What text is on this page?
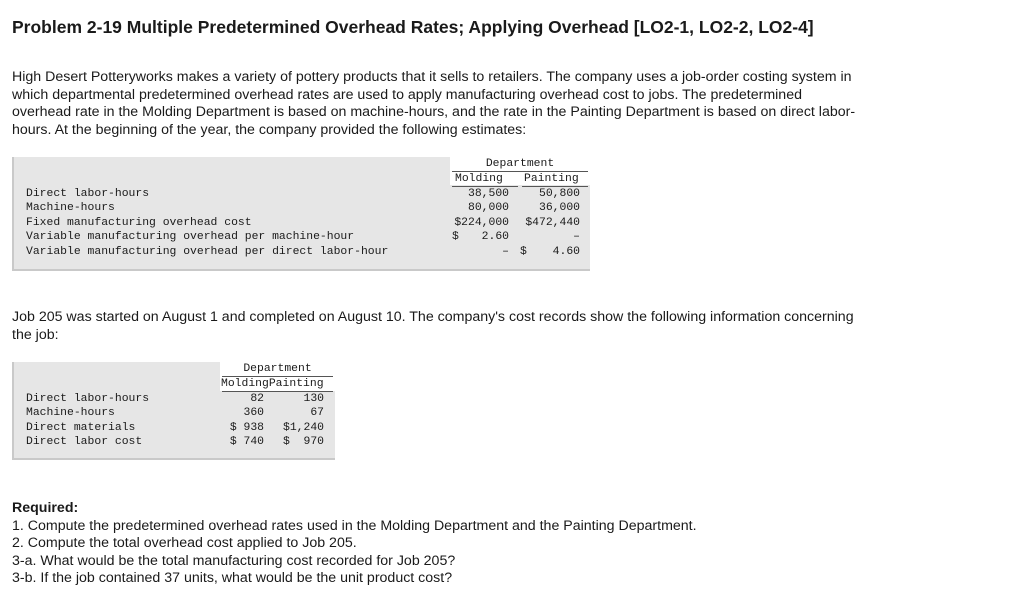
Problem 2-19 Multiple Predetermined Overhead Rates; Applying Overhead [LO2-1, LO2-2, LO2-4]
High Desert Potteryworks makes a variety of pottery products that it sells to retailers. The company uses a job-order costing system in
which departmental predetermined overhead rates are used to apply manufacturing overhead cost to jobs. The predetermined
overhead rate in the Molding Department is based on machine-hours, and the rate in the Painting Department is based on direct labor-
hours. At the beginning of the year, the company provided the following estimates:
Department
Molding Painting
Direct labor-hours	38,500	50,800
Machine-hours	80,000	36,000
Fixed manufacturing overhead cost	$224,000	$472,440
Variable manufacturing overhead per machine-hour	$	2.60	–
Variable manufacturing overhead per direct labor-hour	– $	4.60
Job 205 was started on August 1 and completed on August 10. The company's cost records show the following information concerning
the job:
Department
MoldingPainting
Direct labor-hours	82	130
Machine-hours	360	67
Direct materials	$ 938	$1,240
Direct labor cost	$ 740	$  970
Required:
1. Compute the predetermined overhead rates used in the Molding Department and the Painting Department.
2. Compute the total overhead cost applied to Job 205.
3-a. What would be the total manufacturing cost recorded for Job 205?
3-b. If the job contained 37 units, what would be the unit product cost?
